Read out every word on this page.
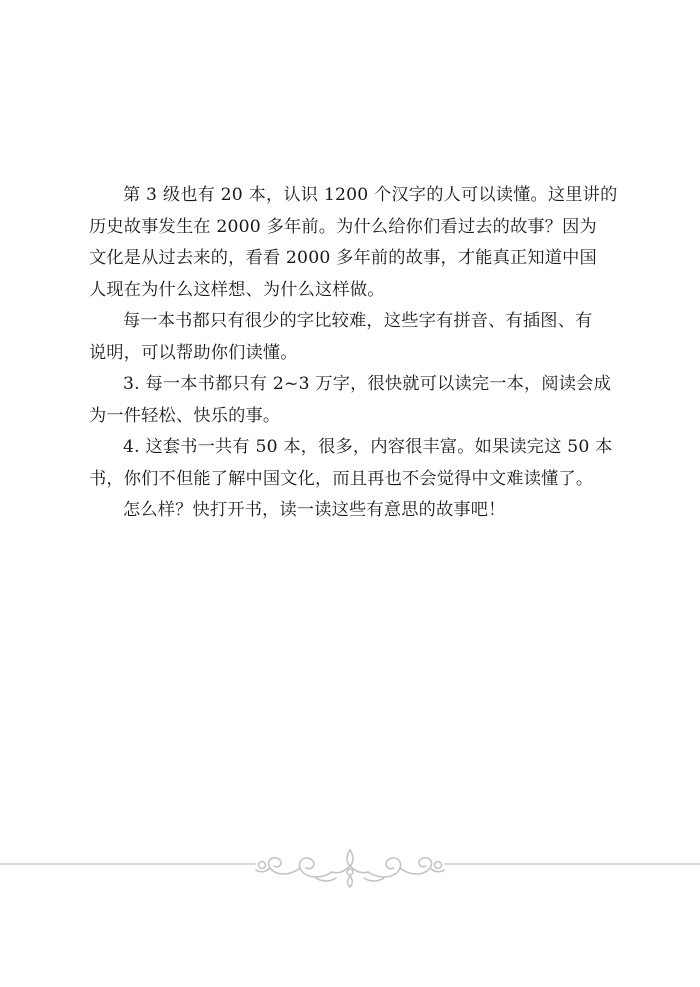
第 3 级也有 20 本，认识 1200 个汉字的人可以读懂。这里讲的
历史故事发生在 2000 多年前。为什么给你们看过去的故事？因为
文化是从过去来的，看看 2000 多年前的故事，才能真正知道中国
人现在为什么这样想、为什么这样做。

每一本书都只有很少的字比较难，这些字有拼音、有插图、有
说明，可以帮助你们读懂。

3. 每一本书都只有 2~3 万字，很快就可以读完一本，阅读会成
为一件轻松、快乐的事。

4. 这套书一共有 50 本，很多，内容很丰富。如果读完这 50 本
书，你们不但能了解中国文化，而且再也不会觉得中文难读懂了。

怎么样？快打开书，读一读这些有意思的故事吧！
